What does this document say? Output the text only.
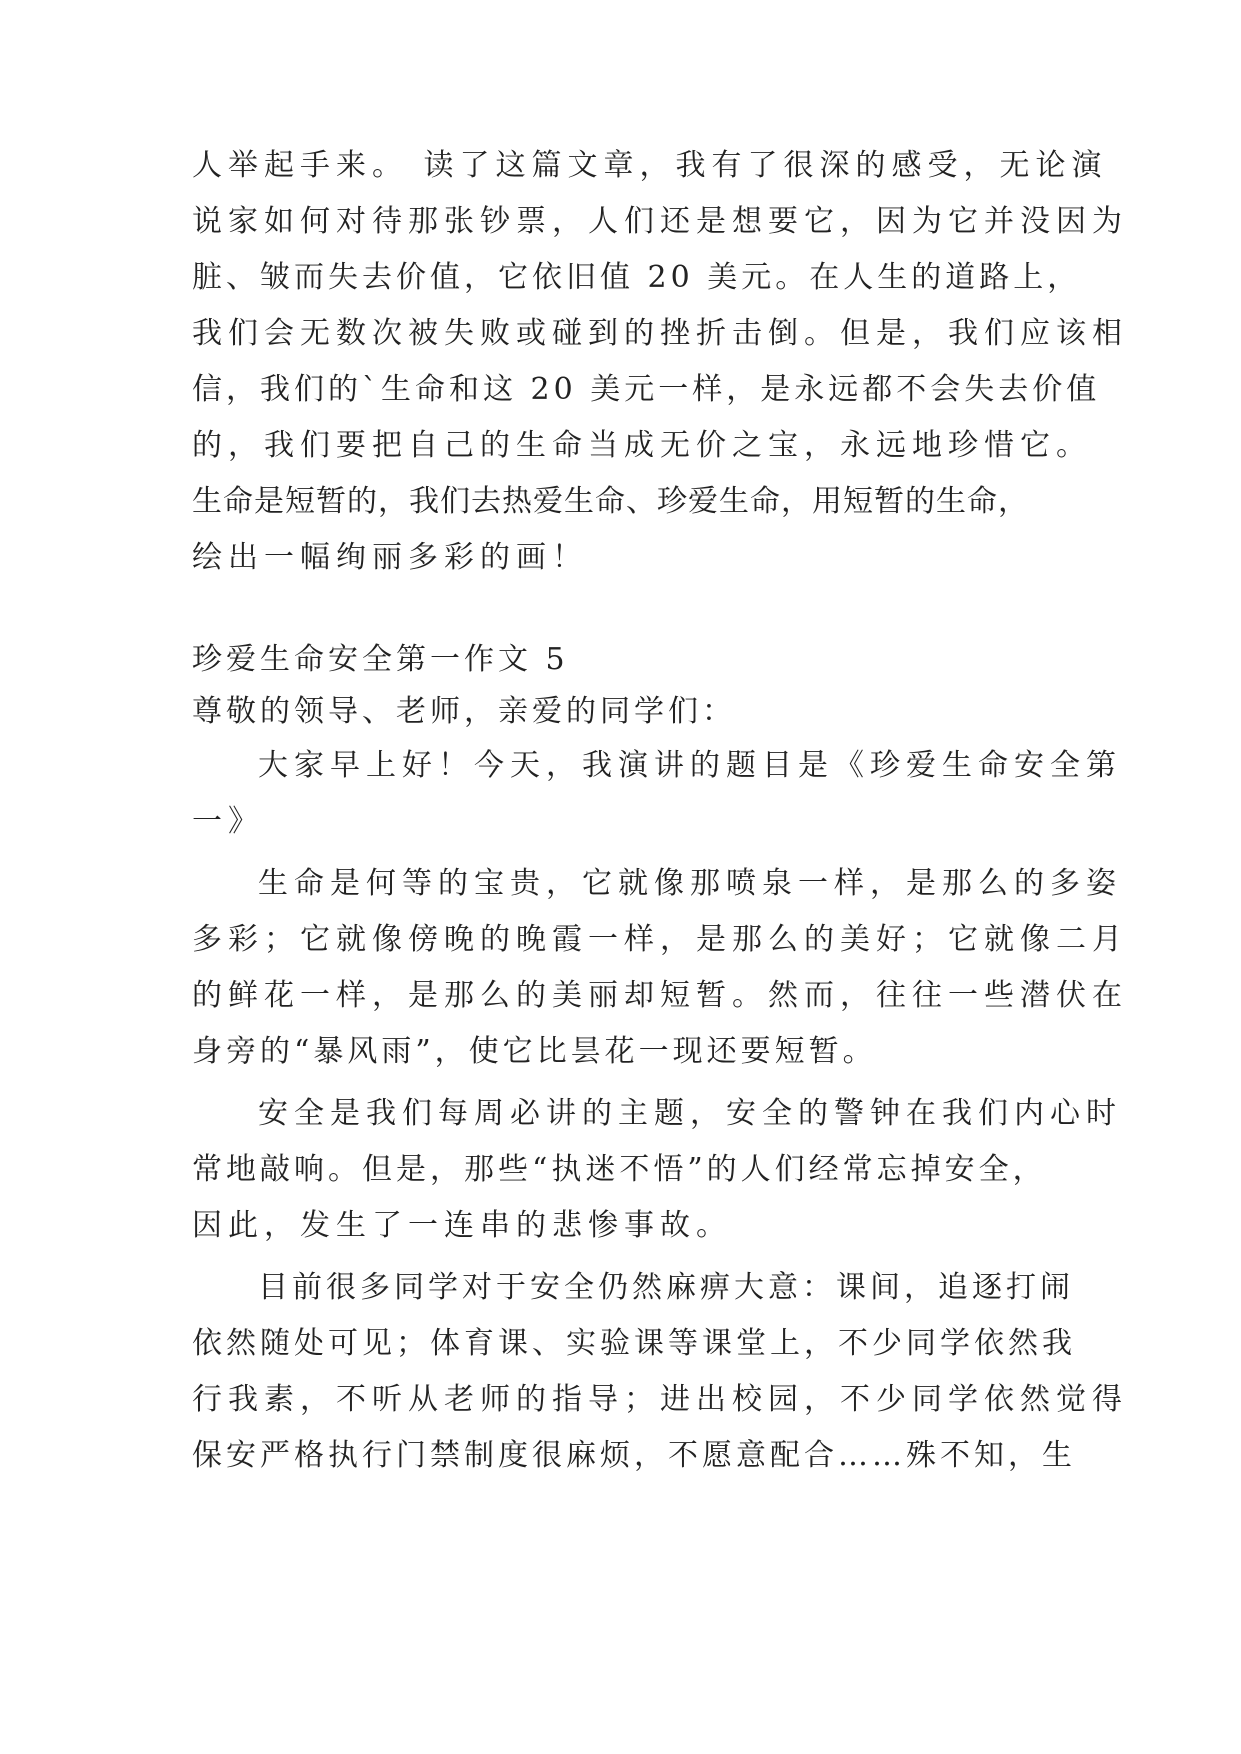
人举起手来。 读了这篇文章，我有了很深的感受，无论演
说家如何对待那张钞票，人们还是想要它，因为它并没因为
脏、皱而失去价值，它依旧值 20 美元。在人生的道路上，
我们会无数次被失败或碰到的挫折击倒。但是，我们应该相
信，我们的`生命和这 20 美元一样，是永远都不会失去价值
的，我们要把自己的生命当成无价之宝，永远地珍惜它。
生命是短暂的，我们去热爱生命、珍爱生命，用短暂的生命，
绘出一幅绚丽多彩的画！
珍爱生命安全第一作文 5
尊敬的领导、老师，亲爱的同学们：
大家早上好！今天，我演讲的题目是《珍爱生命安全第
一》
生命是何等的宝贵，它就像那喷泉一样，是那么的多姿
多彩；它就像傍晚的晚霞一样，是那么的美好；它就像二月
的鲜花一样，是那么的美丽却短暂。然而，往往一些潜伏在
身旁的“暴风雨”，使它比昙花一现还要短暂。
安全是我们每周必讲的主题，安全的警钟在我们内心时
常地敲响。但是，那些“执迷不悟”的人们经常忘掉安全，
因此，发生了一连串的悲惨事故。
目前很多同学对于安全仍然麻痹大意：课间，追逐打闹
依然随处可见；体育课、实验课等课堂上，不少同学依然我
行我素，不听从老师的指导；进出校园，不少同学依然觉得
保安严格执行门禁制度很麻烦，不愿意配合……殊不知，生
